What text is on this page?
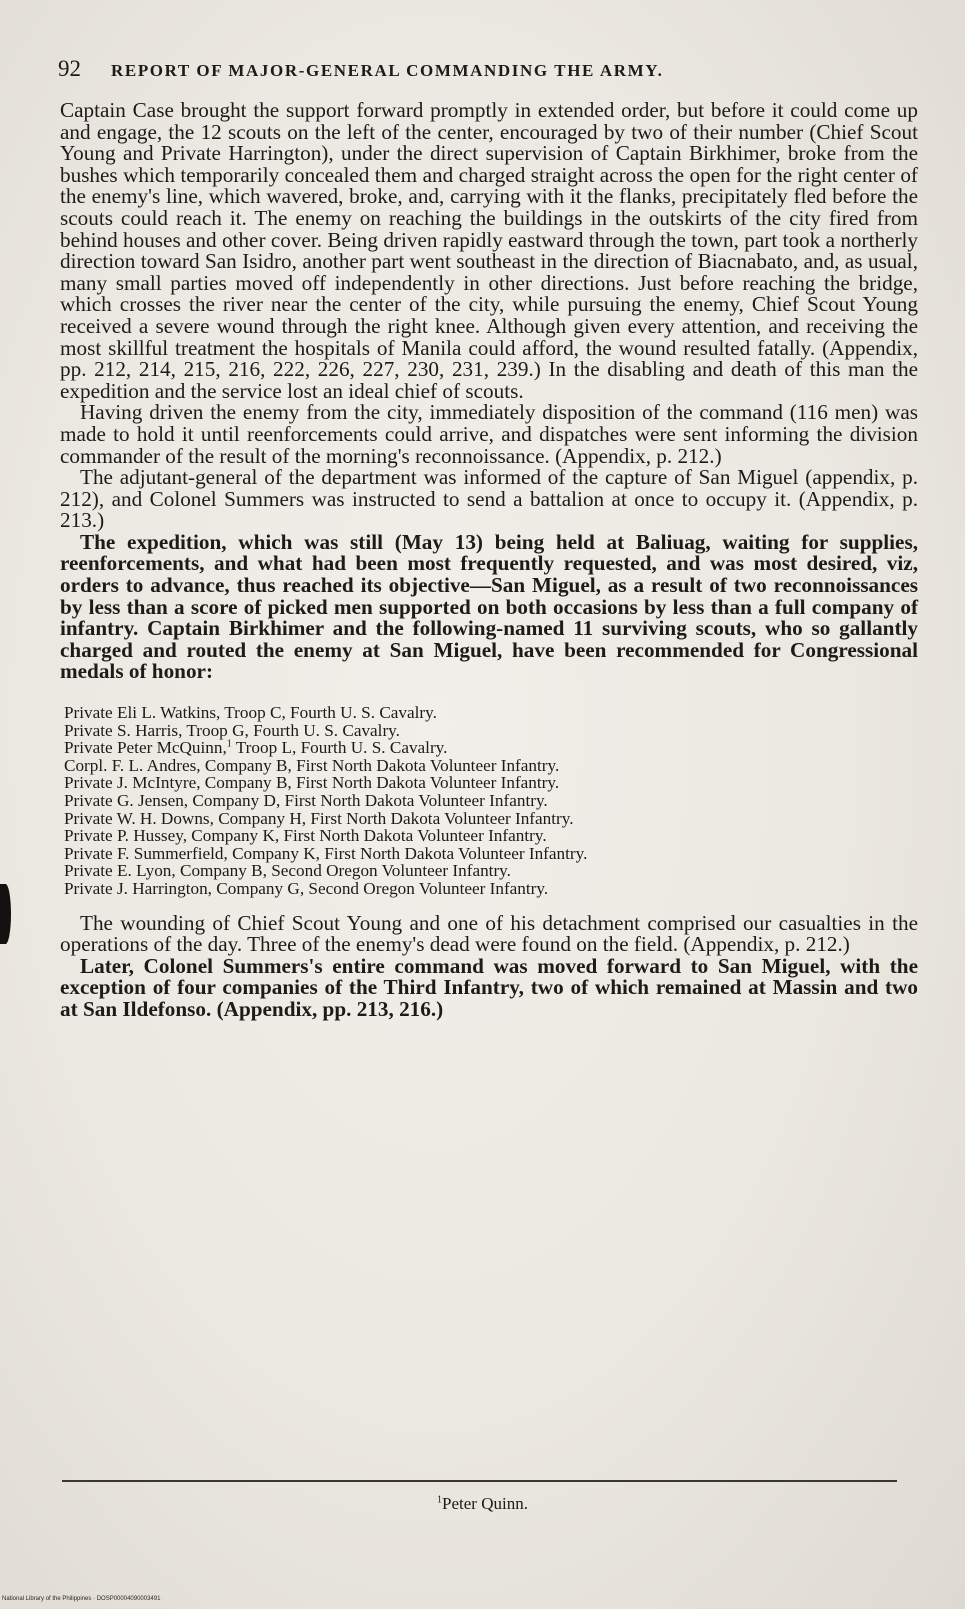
92 REPORT OF MAJOR-GENERAL COMMANDING THE ARMY.

Captain Case brought the support forward promptly in extended order, but before it could come up and engage, the 12 scouts on the left of the center, encouraged by two of their number (Chief Scout Young and Private Harrington), under the direct supervision of Captain Birkhimer, broke from the bushes which temporarily concealed them and charged straight across the open for the right center of the enemy's line, which wavered, broke, and, carrying with it the flanks, precipitately fled before the scouts could reach it. The enemy on reaching the buildings in the outskirts of the city fired from behind houses and other cover. Being driven rapidly eastward through the town, part took a northerly direction toward San Isidro, another part went southeast in the direction of Biacnabato, and, as usual, many small parties moved off independently in other directions. Just before reaching the bridge, which crosses the river near the center of the city, while pursuing the enemy, Chief Scout Young received a severe wound through the right knee. Although given every attention, and receiving the most skillful treatment the hospitals of Manila could afford, the wound resulted fatally. (Appendix, pp. 212, 214, 215, 216, 222, 226, 227, 230, 231, 239.) In the disabling and death of this man the expedition and the service lost an ideal chief of scouts.

Having driven the enemy from the city, immediately disposition of the command (116 men) was made to hold it until reenforcements could arrive, and dispatches were sent informing the division commander of the result of the morning's reconnoissance. (Appendix, p. 212.)

The adjutant-general of the department was informed of the capture of San Miguel (appendix, p. 212), and Colonel Summers was instructed to send a battalion at once to occupy it. (Appendix, p. 213.)

The expedition, which was still (May 13) being held at Baliuag, waiting for supplies, reenforcements, and what had been most frequently requested, and was most desired, viz, orders to advance, thus reached its objective—San Miguel, as a result of two reconnoissances by less than a score of picked men supported on both occasions by less than a full company of infantry. Captain Birkhimer and the following-named 11 surviving scouts, who so gallantly charged and routed the enemy at San Miguel, have been recommended for Congressional medals of honor:

Private Eli L. Watkins, Troop C, Fourth U. S. Cavalry.
Private S. Harris, Troop G, Fourth U. S. Cavalry.
Private Peter McQuinn,$^1$ Troop L, Fourth U. S. Cavalry.
Corpl. F. L. Andres, Company B, First North Dakota Volunteer Infantry.
Private J. McIntyre, Company B, First North Dakota Volunteer Infantry.
Private G. Jensen, Company D, First North Dakota Volunteer Infantry.
Private W. H. Downs, Company H, First North Dakota Volunteer Infantry.
Private P. Hussey, Company K, First North Dakota Volunteer Infantry.
Private F. Summerfield, Company K, First North Dakota Volunteer Infantry.
Private E. Lyon, Company B, Second Oregon Volunteer Infantry.
Private J. Harrington, Company G, Second Oregon Volunteer Infantry.

The wounding of Chief Scout Young and one of his detachment comprised our casualties in the operations of the day. Three of the enemy's dead were found on the field. (Appendix, p. 212.)

Later, Colonel Summers's entire command was moved forward to San Miguel, with the exception of four companies of the Third Infantry, two of which remained at Massin and two at San Ildefonso. (Appendix, pp. 213, 216.)

$^1$Peter Quinn.
National Library of the Philippines · DOSP00004090003491
